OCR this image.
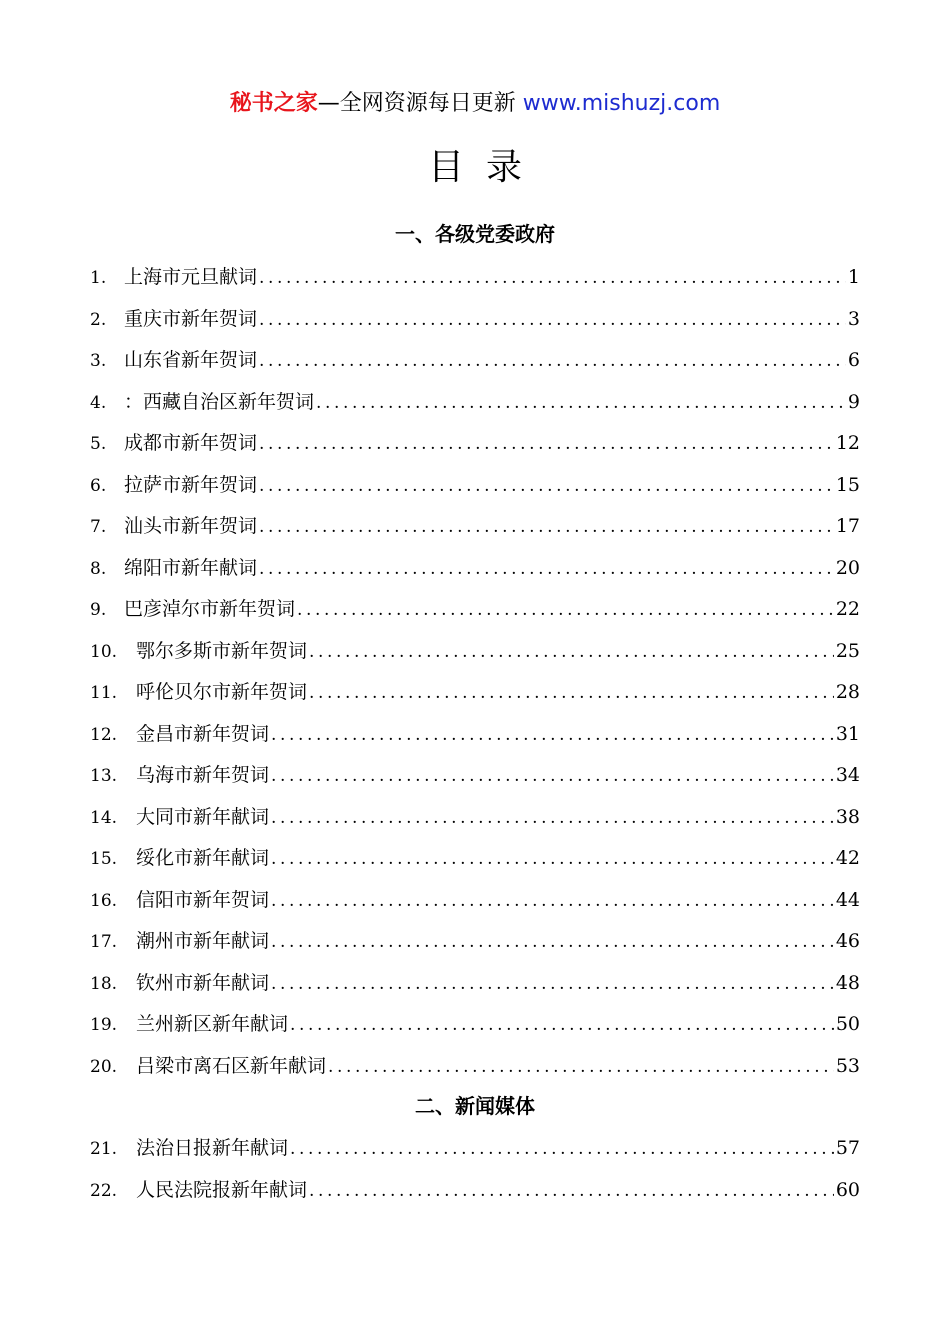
秘书之家—全网资源每日更新 www.mishuzj.com
目录
一、各级党委政府
1. 上海市元旦献词 .....	1
2. 重庆市新年贺词 .....	3
3. 山东省新年贺词 .....	6
4. ：西藏自治区新年贺词 .....	9
5. 成都市新年贺词 .....	12
6. 拉萨市新年贺词 .....	15
7. 汕头市新年贺词 .....	17
8. 绵阳市新年献词 .....	20
9. 巴彦淖尔市新年贺词 .....	22
10. 鄂尔多斯市新年贺词 .....	25
11. 呼伦贝尔市新年贺词 .....	28
12. 金昌市新年贺词 .....	31
13. 乌海市新年贺词 .....	34
14. 大同市新年献词 .....	38
15. 绥化市新年献词 .....	42
16. 信阳市新年贺词 .....	44
17. 潮州市新年献词 .....	46
18. 钦州市新年献词 .....	48
19. 兰州新区新年献词 .....	50
20. 吕梁市离石区新年献词 .....	53
二、新闻媒体
21. 法治日报新年献词 .....	57
22. 人民法院报新年献词 .....	60
